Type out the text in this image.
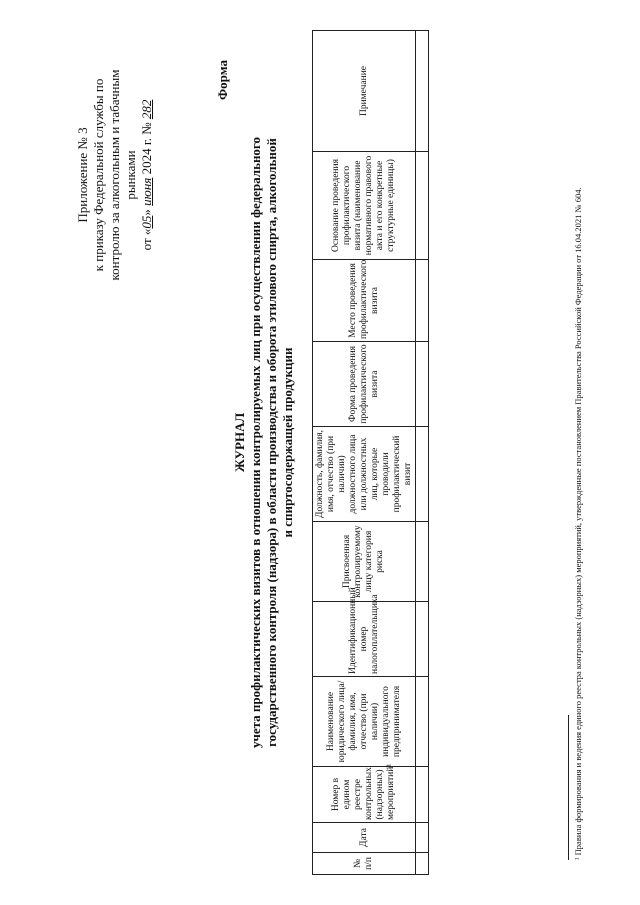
Приложение № 3 к приказу Федеральной службы по контролю за алкогольным и табачным рынками
от «05» июня 2024 г. № 282
Форма
ЖУРНАЛ учета профилактических визитов в отношении контролируемых лиц при осуществлении федерального государственного контроля (надзора) в области производства и оборота этилового спирта, алкогольной и спиртосодержащей продукции
№ п/п	Дата	Номер в едином реестре контрольных (надзорных) мероприятий¹	Наименование юридического лица/фамилия, имя, отчество (при наличии) индивидуального предпринимателя	Идентификационный номер налогоплательщика	Присвоенная контролируемому лицу категория риска	Должность, фамилия, имя, отчество (при наличии) должностного лица или должностных лиц, которые проводили профилактический визит	Форма проведения профилактического визита	Место проведения профилактического визита	Основание проведения профилактического визита (наименование нормативного правового акта и его конкретные структурные единицы)	Примечание

¹ Правила формирования и ведения единого реестра контрольных (надзорных) мероприятий, утвержденные постановлением Правительства Российской Федерации от 16.04.2021 № 604.
